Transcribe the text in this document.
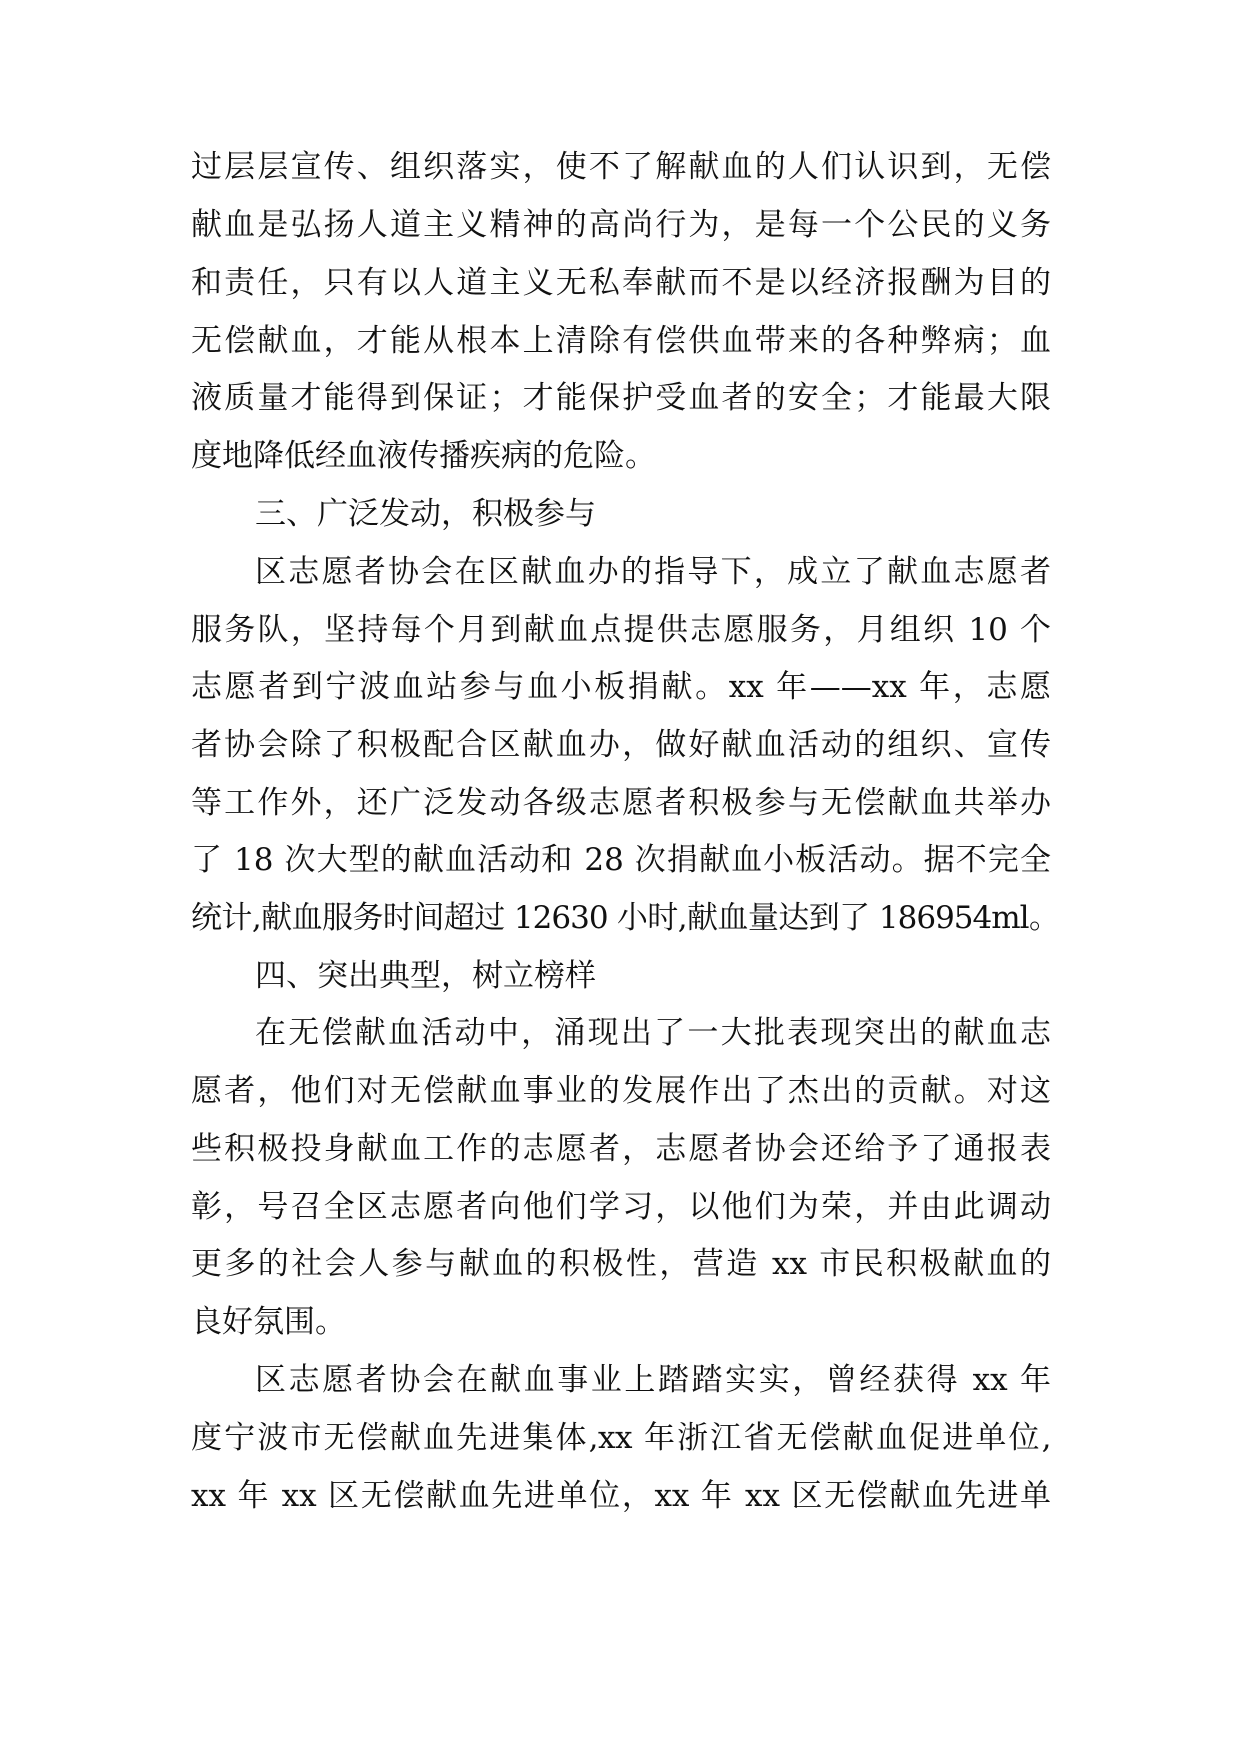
过层层宣传、组织落实，使不了解献血的人们认识到，无偿
献血是弘扬人道主义精神的高尚行为，是每一个公民的义务
和责任，只有以人道主义无私奉献而不是以经济报酬为目的
无偿献血，才能从根本上清除有偿供血带来的各种弊病；血
液质量才能得到保证；才能保护受血者的安全；才能最大限
度地降低经血液传播疾病的危险。
三、广泛发动，积极参与
区志愿者协会在区献血办的指导下，成立了献血志愿者
服务队，坚持每个月到献血点提供志愿服务，月组织 10 个
志愿者到宁波血站参与血小板捐献。xx 年——xx 年，志愿
者协会除了积极配合区献血办，做好献血活动的组织、宣传
等工作外，还广泛发动各级志愿者积极参与无偿献血共举办
了 18 次大型的献血活动和 28 次捐献血小板活动。据不完全
统计,献血服务时间超过 12630 小时,献血量达到了 186954ml。
四、突出典型，树立榜样
在无偿献血活动中，涌现出了一大批表现突出的献血志
愿者，他们对无偿献血事业的发展作出了杰出的贡献。对这
些积极投身献血工作的志愿者，志愿者协会还给予了通报表
彰，号召全区志愿者向他们学习，以他们为荣，并由此调动
更多的社会人参与献血的积极性，营造 xx 市民积极献血的
良好氛围。
区志愿者协会在献血事业上踏踏实实，曾经获得 xx 年
度宁波市无偿献血先进集体,xx 年浙江省无偿献血促进单位,
xx 年 xx 区无偿献血先进单位，xx 年 xx 区无偿献血先进单
